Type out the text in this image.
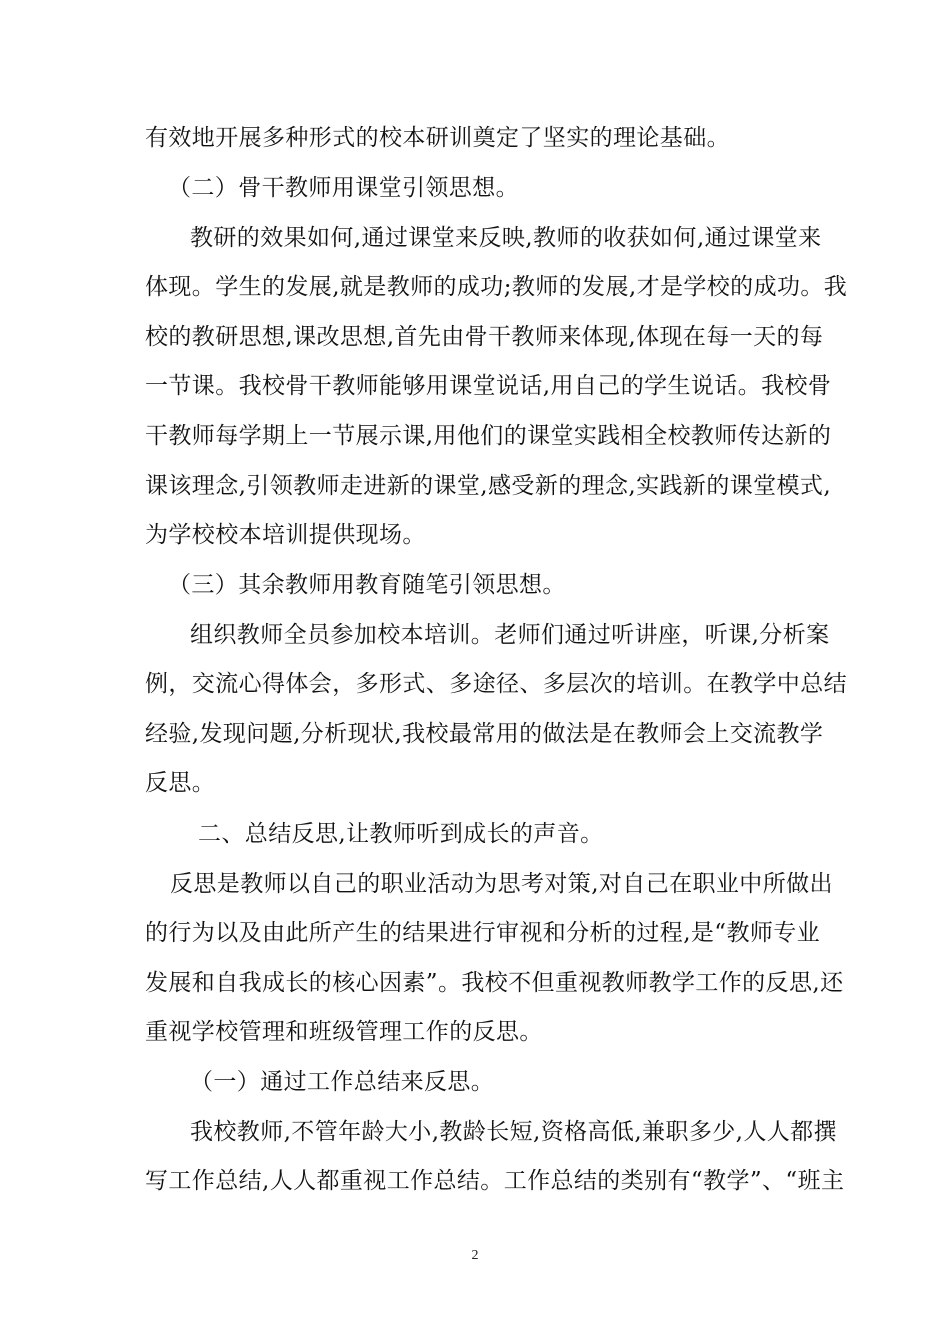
有效地开展多种形式的校本研训奠定了坚实的理论基础。
（二）骨干教师用课堂引领思想。
教研的效果如何,通过课堂来反映,教师的收获如何,通过课堂来
体现。学生的发展,就是教师的成功;教师的发展,才是学校的成功。我
校的教研思想,课改思想,首先由骨干教师来体现,体现在每一天的每
一节课。我校骨干教师能够用课堂说话,用自己的学生说话。我校骨
干教师每学期上一节展示课,用他们的课堂实践相全校教师传达新的
课该理念,引领教师走进新的课堂,感受新的理念,实践新的课堂模式,
为学校校本培训提供现场。
（三）其余教师用教育随笔引领思想。
组织教师全员参加校本培训。老师们通过听讲座，听课,分析案
例，交流心得体会，多形式、多途径、多层次的培训。在教学中总结
经验,发现问题,分析现状,我校最常用的做法是在教师会上交流教学
反思。
二、总结反思,让教师听到成长的声音。
反思是教师以自己的职业活动为思考对策,对自己在职业中所做出
的行为以及由此所产生的结果进行审视和分析的过程,是“教师专业
发展和自我成长的核心因素”。我校不但重视教师教学工作的反思,还
重视学校管理和班级管理工作的反思。
（一）通过工作总结来反思。
我校教师,不管年龄大小,教龄长短,资格高低,兼职多少,人人都撰
写工作总结,人人都重视工作总结。工作总结的类别有“教学”、“班主
2
